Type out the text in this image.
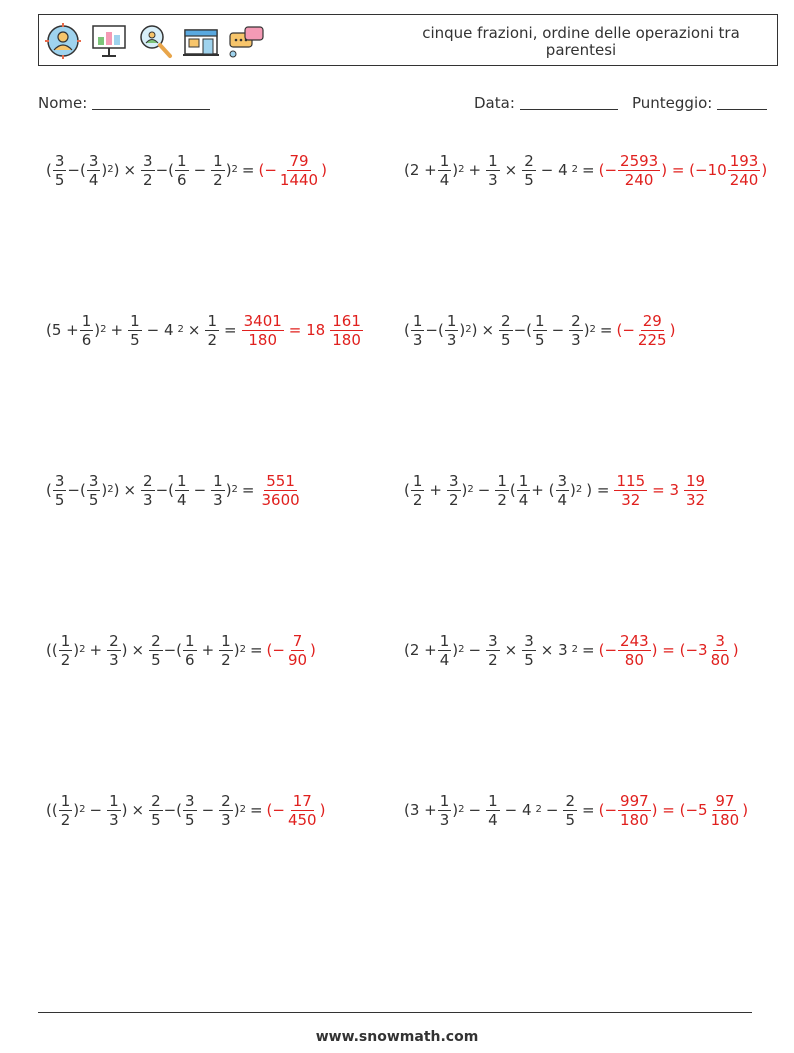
cinque frazioni, ordine delle operazioni tra parentesi
Nome:	Data:	Punteggio:
( $\frac{3}{5}$ −( $\frac{3}{4}$ ) 2 ) × $\frac{3}{2}$ −( $\frac{1}{6} - \frac{1}{2}$ ) 2 = (− $\frac{79}{1440}$ )	($2 + \frac{1}{4}$ ) $2 + \frac{1}{3} \times \frac{2}{5} - 4$ 2 = (− $\frac{2593}{240}$ ) = ($-10 \frac{193}{240}$ )
($5 + \frac{1}{6}$ ) $2 + \frac{1}{5} - 4$ $2 \times \frac{1}{2} = \frac{3401}{180} = 18 \frac{161}{180}$	( $\frac{1}{3}$ −( $\frac{1}{3}$ ) 2 ) × $\frac{2}{5}$ −( $\frac{1}{5} - \frac{2}{3}$ ) 2 = (− $\frac{29}{225}$ )
( $\frac{3}{5}$ −( $\frac{3}{5}$ ) 2 ) × $\frac{2}{3}$ −( $\frac{1}{4} - \frac{1}{3}$ ) $2 = \frac{551}{3600}$	( $\frac{1}{2} + \frac{3}{2}$ ) $2 - \frac{1}{2}$ ( $\frac{1}{4}$ + ( $\frac{3}{4}$ ) 2 ) = $\frac{115}{32} = 3 \frac{19}{32}$
(( $\frac{1}{2}$ ) $2 + \frac{2}{3}$ ) × $\frac{2}{5}$ −( $\frac{1}{6} + \frac{1}{2}$ ) 2 = (− $\frac{7}{90}$ )	($2 + \frac{1}{4}$ ) $2 - \frac{3}{2} \times \frac{3}{5} \times 3$ 2 = (− $\frac{243}{80}$ ) = ($-3 \frac{3}{80}$ )
(( $\frac{1}{2}$ ) $2 - \frac{1}{3}$ ) × $\frac{2}{5}$ −( $\frac{3}{5} - \frac{2}{3}$ ) 2 = (− $\frac{17}{450}$ )	($3 + \frac{1}{3}$ ) $2 - \frac{1}{4} - 4$ $2 - \frac{2}{5}$ = (− $\frac{997}{180}$ ) = ($-5 \frac{97}{180}$ )
www.snowmath.com
